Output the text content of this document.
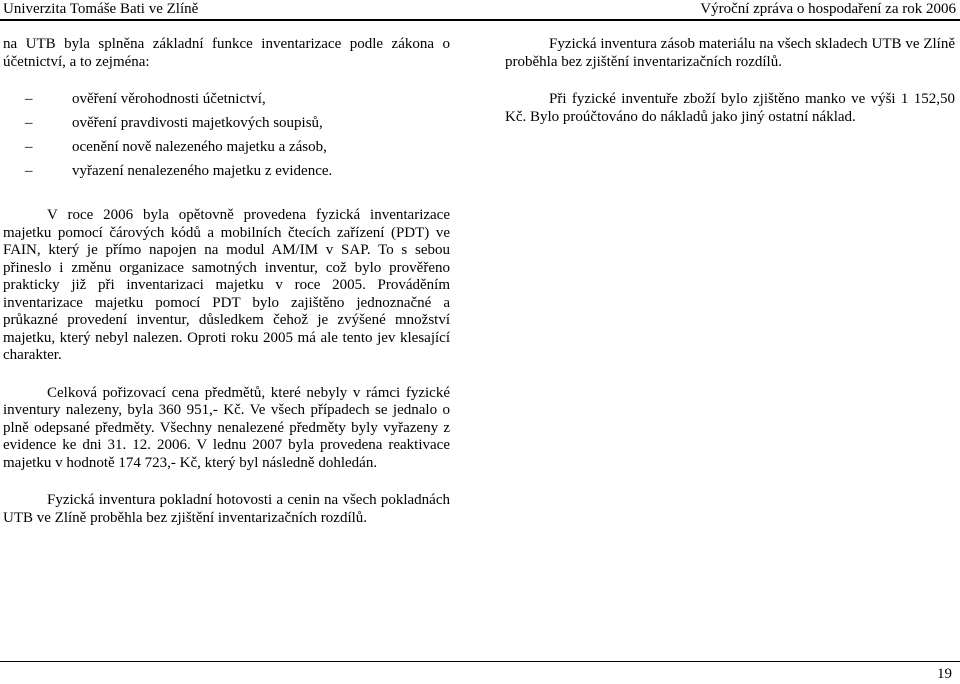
Univerzita Tomáše Bati ve Zlíně	Výroční zpráva o hospodaření za rok 2006

na UTB byla splněna základní funkce inventarizace podle zákona o účetnictví, a to zejména:

–	ověření věrohodnosti účetnictví,
–	ověření pravdivosti majetkových soupisů,
–	ocenění nově nalezeného majetku a zásob,
–	vyřazení nenalezeného majetku z evidence.

V roce 2006 byla opětovně provedena fyzická inventarizace majetku pomocí čárových kódů a mobilních čtecích zařízení (PDT) ve FAIN, který je přímo napojen na modul AM/IM v SAP. To s sebou přineslo i změnu organizace samotných inventur, což bylo prověřeno prakticky již při inventarizaci majetku v roce 2005. Prováděním inventarizace majetku pomocí PDT bylo zajištěno jednoznačné a průkazné provedení inventur, důsledkem čehož je zvýšené množství majetku, který nebyl nalezen. Oproti roku 2005 má ale tento jev klesající charakter.

Celková pořizovací cena předmětů, které nebyly v rámci fyzické inventury nalezeny, byla 360 951,- Kč. Ve všech případech se jednalo o plně odepsané předměty. Všechny nenalezené předměty byly vyřazeny z evidence ke dni 31. 12. 2006. V lednu 2007 byla provedena reaktivace majetku v hodnotě 174 723,- Kč, který byl následně dohledán.

Fyzická inventura pokladní hotovosti a cenin na všech pokladnách UTB ve Zlíně proběhla bez zjištění inventarizačních rozdílů.

Fyzická inventura zásob materiálu na všech skladech UTB ve Zlíně proběhla bez zjištění inventarizačních rozdílů.

Při fyzické inventuře zboží bylo zjištěno manko ve výši 1 152,50 Kč. Bylo proúčtováno do nákladů jako jiný ostatní náklad.

19
